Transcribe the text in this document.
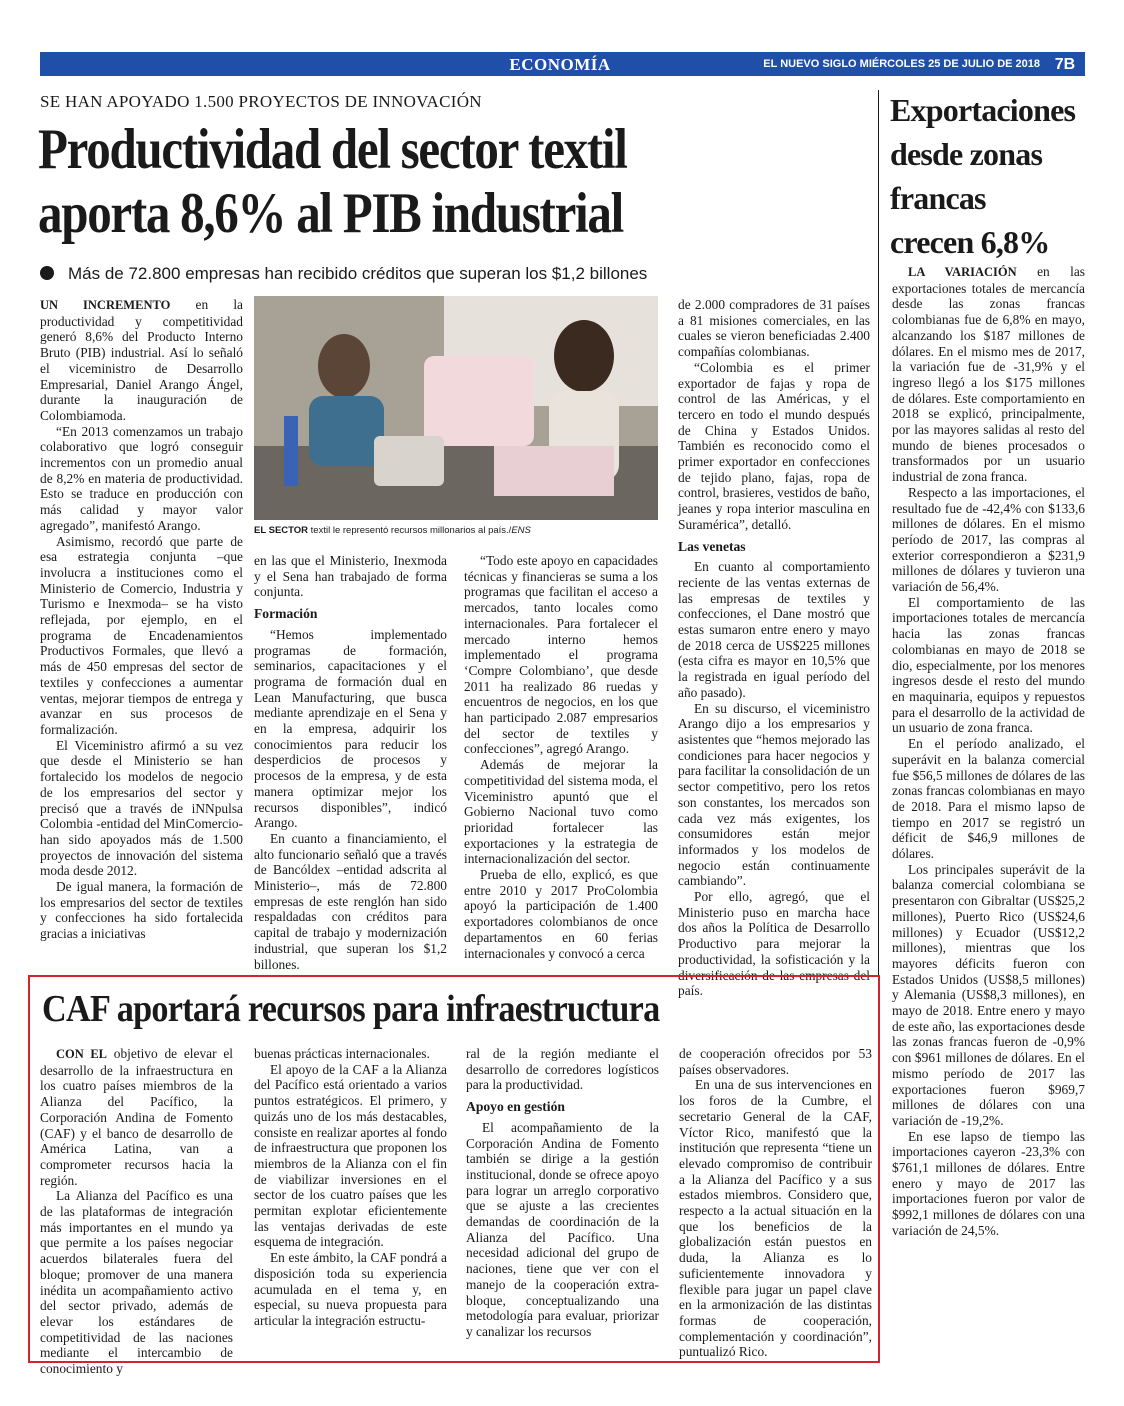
ECONOMÍA	EL NUEVO SIGLO MIÉRCOLES 25 DE JULIO DE 2018 7B
SE HAN APOYADO 1.500 PROYECTOS DE INNOVACIÓN
Productividad del sector textil
aporta 8,6% al PIB industrial
Más de 72.800 empresas han recibido créditos que superan los $1,2 billones

UN INCREMENTO en la productividad y competitividad generó 8,6% del Producto Interno Bruto (PIB) industrial. Así lo señaló el viceministro de Desarrollo Empresarial, Daniel Arango Ángel, durante la inauguración de Colombiamoda.

“En 2013 comenzamos un trabajo colaborativo que logró conseguir incrementos con un promedio anual de 8,2% en materia de productividad. Esto se traduce en producción con más calidad y mayor valor agregado”, manifestó Arango.

Asimismo, recordó que parte de esa estrategia conjunta –que involucra a instituciones como el Ministerio de Comercio, Industria y Turismo e Inexmoda– se ha visto reflejada, por ejemplo, en el programa de Encadenamientos Productivos Formales, que llevó a más de 450 empresas del sector de textiles y confecciones a aumentar ventas, mejorar tiempos de entrega y avanzar en sus procesos de formalización.

El Viceministro afirmó a su vez que desde el Ministerio se han fortalecido los modelos de negocio de los empresarios del sector y precisó que a través de iNNpulsa Colombia -entidad del MinComercio- han sido apoyados más de 1.500 proyectos de innovación del sistema moda desde 2012.

De igual manera, la formación de los empresarios del sector de textiles y confecciones ha sido fortalecida gracias a iniciativas

EL SECTOR textil le representó recursos millonarios al país./ENS

en las que el Ministerio, Inexmoda y el Sena han trabajado de forma conjunta.

Formación

“Hemos implementado programas de formación, seminarios, capacitaciones y el programa de formación dual en Lean Manufacturing, que busca mediante aprendizaje en el Sena y en la empresa, adquirir los conocimientos para reducir los desperdicios de procesos y procesos de la empresa, y de esta manera optimizar mejor los recursos disponibles”, indicó Arango.

En cuanto a financiamiento, el alto funcionario señaló que a través de Bancóldex –entidad adscrita al Ministerio–, más de 72.800 empresas de este renglón han sido respaldadas con créditos para capital de trabajo y modernización industrial, que superan los $1,2 billones.

“Todo este apoyo en capacidades técnicas y financieras se suma a los programas que facilitan el acceso a mercados, tanto locales como internacionales. Para fortalecer el mercado interno hemos implementado el programa ‘Compre Colombiano’, que desde 2011 ha realizado 86 ruedas y encuentros de negocios, en los que han participado 2.087 empresarios del sector de textiles y confecciones”, agregó Arango.

Además de mejorar la competitividad del sistema moda, el Viceministro apuntó que el Gobierno Nacional tuvo como prioridad fortalecer las exportaciones y la estrategia de internacionalización del sector.

Prueba de ello, explicó, es que entre 2010 y 2017 ProColombia apoyó la participación de 1.400 exportadores colombianos de once departamentos en 60 ferias internacionales y convocó a cerca

de 2.000 compradores de 31 países a 81 misiones comerciales, en las cuales se vieron beneficiadas 2.400 compañías colombianas.

“Colombia es el primer exportador de fajas y ropa de control de las Américas, y el tercero en todo el mundo después de China y Estados Unidos. También es reconocido como el primer exportador en confecciones de tejido plano, fajas, ropa de control, brasieres, vestidos de baño, jeanes y ropa interior masculina en Suramérica”, detalló.

Las venetas

En cuanto al comportamiento reciente de las ventas externas de las empresas de textiles y confecciones, el Dane mostró que estas sumaron entre enero y mayo de 2018 cerca de US$225 millones (esta cifra es mayor en 10,5% que la registrada en igual período del año pasado).

En su discurso, el viceministro Arango dijo a los empresarios y asistentes que “hemos mejorado las condiciones para hacer negocios y para facilitar la consolidación de un sector competitivo, pero los retos son constantes, los mercados son cada vez más exigentes, los consumidores están mejor informados y los modelos de negocio están continuamente cambiando”.

Por ello, agregó, que el Ministerio puso en marcha hace dos años la Política de Desarrollo Productivo para mejorar la productividad, la sofisticación y la diversificación de las empresas del país.

Exportaciones
desde zonas
francas
crecen 6,8%

LA VARIACIÓN en las exportaciones totales de mercancía desde las zonas francas colombianas fue de 6,8% en mayo, alcanzando los $187 millones de dólares. En el mismo mes de 2017, la variación fue de -31,9% y el ingreso llegó a los $175 millones de dólares. Este comportamiento en 2018 se explicó, principalmente, por las mayores salidas al resto del mundo de bienes procesados o transformados por un usuario industrial de zona franca.

Respecto a las importaciones, el resultado fue de -42,4% con $133,6 millones de dólares. En el mismo período de 2017, las compras al exterior correspondieron a $231,9 millones de dólares y tuvieron una variación de 56,4%.

El comportamiento de las importaciones totales de mercancía hacia las zonas francas colombianas en mayo de 2018 se dio, especialmente, por los menores ingresos desde el resto del mundo en maquinaria, equipos y repuestos para el desarrollo de la actividad de un usuario de zona franca.

En el período analizado, el superávit en la balanza comercial fue $56,5 millones de dólares de las zonas francas colombianas en mayo de 2018. Para el mismo lapso de tiempo en 2017 se registró un déficit de $46,9 millones de dólares.

Los principales superávit de la balanza comercial colombiana se presentaron con Gibraltar (US$25,2 millones), Puerto Rico (US$24,6 millones) y Ecuador (US$12,2 millones), mientras que los mayores déficits fueron con Estados Unidos (US$8,5 millones) y Alemania (US$8,3 millones), en mayo de 2018. Entre enero y mayo de este año, las exportaciones desde las zonas francas fueron de -0,9% con $961 millones de dólares. En el mismo período de 2017 las exportaciones fueron $969,7 millones de dólares con una variación de -19,2%.

En ese lapso de tiempo las importaciones cayeron -23,3% con $761,1 millones de dólares. Entre enero y mayo de 2017 las importaciones fueron por valor de $992,1 millones de dólares con una variación de 24,5%.

CAF aportará recursos para infraestructura

CON EL objetivo de elevar el desarrollo de la infraestructura en los cuatro países miembros de la Alianza del Pacífico, la Corporación Andina de Fomento (CAF) y el banco de desarrollo de América Latina, van a comprometer recursos hacia la región.

La Alianza del Pacífico es una de las plataformas de integración más importantes en el mundo ya que permite a los países negociar acuerdos bilaterales fuera del bloque; promover de una manera inédita un acompañamiento activo del sector privado, además de elevar los estándares de competitividad de las naciones mediante el intercambio de conocimiento y

buenas prácticas internacionales.

El apoyo de la CAF a la Alianza del Pacífico está orientado a varios puntos estratégicos. El primero, y quizás uno de los más destacables, consiste en realizar aportes al fondo de infraestructura que proponen los miembros de la Alianza con el fin de viabilizar inversiones en el sector de los cuatro países que les permitan explotar eficientemente las ventajas derivadas de este esquema de integración.

En este ámbito, la CAF pondrá a disposición toda su experiencia acumulada en el tema y, en especial, su nueva propuesta para articular la integración estructu-

ral de la región mediante el desarrollo de corredores logísticos para la productividad.

Apoyo en gestión

El acompañamiento de la Corporación Andina de Fomento también se dirige a la gestión institucional, donde se ofrece apoyo para lograr un arreglo corporativo que se ajuste a las crecientes demandas de coordinación de la Alianza del Pacífico. Una necesidad adicional del grupo de naciones, tiene que ver con el manejo de la cooperación extra-bloque, conceptualizando una metodología para evaluar, priorizar y canalizar los recursos

de cooperación ofrecidos por 53 países observadores.

En una de sus intervenciones en los foros de la Cumbre, el secretario General de la CAF, Víctor Rico, manifestó que la institución que representa “tiene un elevado compromiso de contribuir a la Alianza del Pacífico y a sus estados miembros. Considero que, respecto a la actual situación en la que los beneficios de la globalización están puestos en duda, la Alianza es lo suficientemente innovadora y flexible para jugar un papel clave en la armonización de las distintas formas de cooperación, complementación y coordinación”, puntualizó Rico.
